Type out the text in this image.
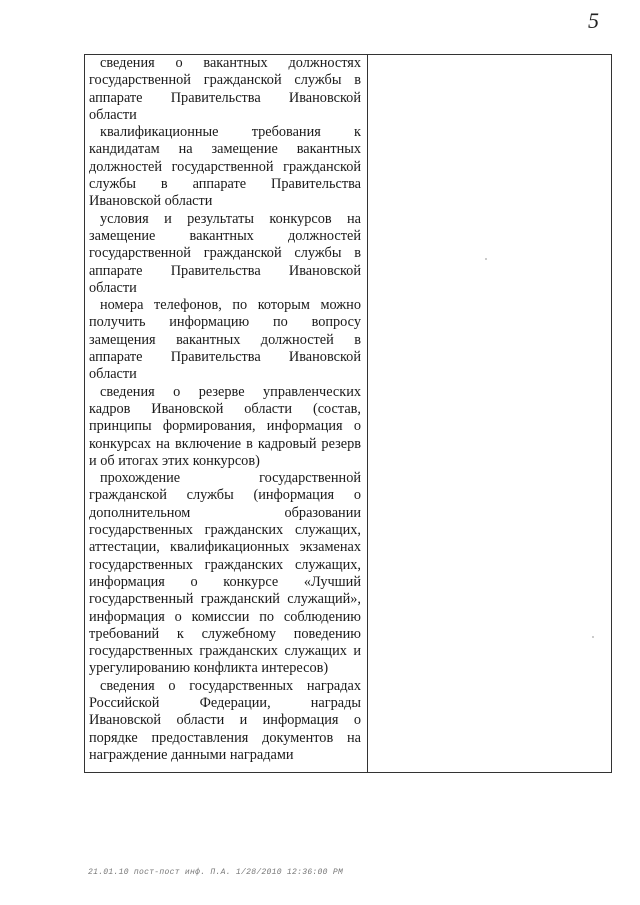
5

сведения о вакантных должностях государственной гражданской службы в аппарате Правительства Ивановской области

квалификационные требования к кандидатам на замещение вакантных должностей государственной гражданской службы в аппарате Правительства Ивановской области

условия и результаты конкурсов на замещение вакантных должностей государственной гражданской службы в аппарате Правительства Ивановской области

номера телефонов, по которым можно получить информацию по вопросу замещения вакантных должностей в аппарате Правительства Ивановской области

сведения о резерве управленческих кадров Ивановской области (состав, принципы формирования, информация о конкурсах на включение в кадровый резерв и об итогах этих конкурсов)

прохождение государственной гражданской службы (информация о дополнительном образовании государственных гражданских служащих, аттестации, квалификационных экзаменах государственных гражданских служащих, информация о конкурсе «Лучший государственный гражданский служащий», информация о комиссии по соблюдению требований к служебному поведению государственных гражданских служащих и урегулированию конфликта интересов)

сведения о государственных наградах Российской Федерации, награды Ивановской области и информация о порядке предоставления документов на награждение данными наградами

21.01.10 пост-пост инф. П.А. 1/28/2010 12:36:00 PM
